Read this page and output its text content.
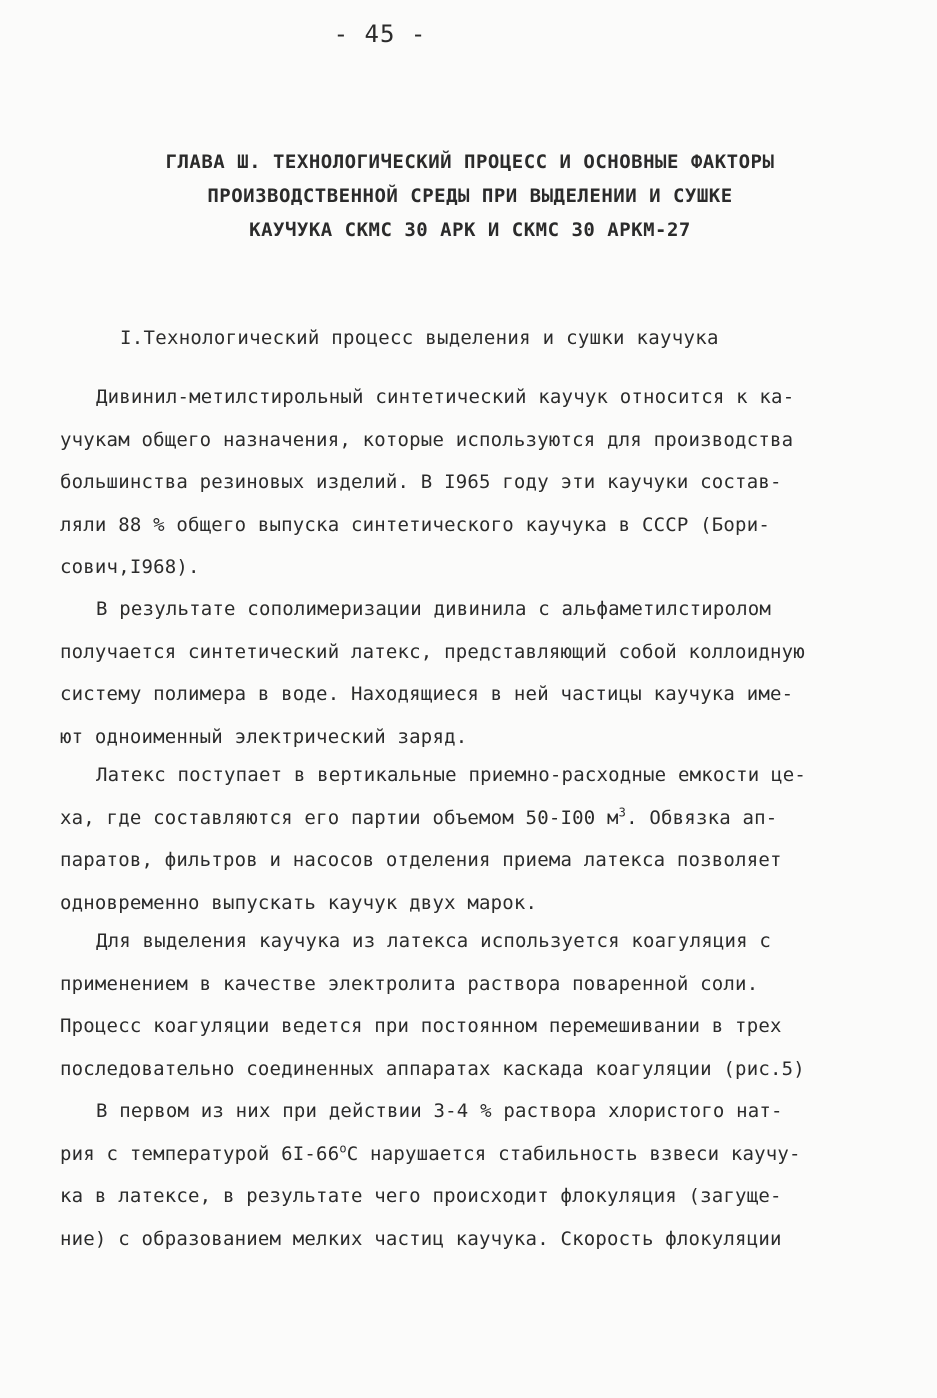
- 45 -
ГЛАВА Ш. ТЕХНОЛОГИЧЕСКИЙ ПРОЦЕСС И ОСНОВНЫЕ ФАКТОРЫ
ПРОИЗВОДСТВЕННОЙ СРЕДЫ ПРИ ВЫДЕЛЕНИИ И СУШКЕ
КАУЧУКА СКМС 30 АРК И СКМС 30 АРКМ-27
I.Технологический процесс выделения и сушки каучука
Дивинил-метилстирольный синтетический каучук относится к ка-
учукам общего назначения, которые используются для производства
большинства резиновых изделий. В I965 году эти каучуки состав-
ляли 88 % общего выпуска синтетического каучука в СССР (Бори-
сович,I968).
В результате сополимеризации дивинила с альфаметилстиролом
получается синтетический латекс, представляющий собой коллоидную
систему полимера в воде. Находящиеся в ней частицы каучука име-
ют одноименный электрический заряд.
Латекс поступает в вертикальные приемно-расходные емкости це-
ха, где составляются его партии объемом 50-I00 $м^3$. Обвязка ап-
паратов, фильтров и насосов отделения приема латекса позволяет
одновременно выпускать каучук двух марок.
Для выделения каучука из латекса используется коагуляция с
применением в качестве электролита раствора поваренной соли.
Процесс коагуляции ведется при постоянном перемешивании в трех
последовательно соединенных аппаратах каскада коагуляции (рис.5)
В первом из них при действии 3-4 % раствора хлористого нат-
рия с температурой $6I-66^оС$ нарушается стабильность взвеси каучу-
ка в латексе, в результате чего происходит флокуляция (загуще-
ние) с образованием мелких частиц каучука. Скорость флокуляции
